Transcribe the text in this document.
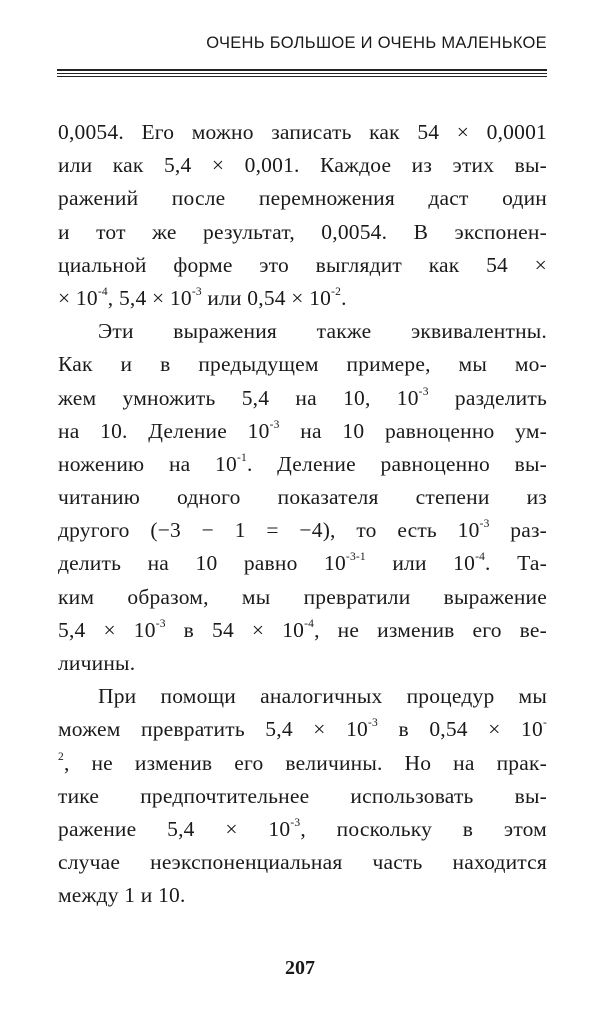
ОЧЕНЬ БОЛЬШОЕ И ОЧЕНЬ МАЛЕНЬКОЕ
0,0054. Его можно записать как 54 × 0,0001
или как 5,4 × 0,001. Каждое из этих вы-
ражений после перемножения даст один
и тот же результат, 0,0054. В экспонен-
циальной форме это выглядит как 54 ×
× $10^{-4}$, $5,4 \times 10^{-3}$ или $0,54 \times 10^{-2}$.
Эти выражения также эквивалентны.
Как и в предыдущем примере, мы мо-
жем умножить 5,4 на 10, $10^{-3}$ разделить
на 10. Деление $10^{-3}$ на 10 равноценно ум-
ножению на $10^{-1}$. Деление равноценно вы-
читанию одного показателя степени из
другого (−3 − 1 = −4), то есть $10^{-3}$ раз-
делить на 10 равно $10^{-3-1}$ или $10^{-4}$. Та-
ким образом, мы превратили выражение
$5,4 \times 10^{-3}$ в $54 \times 10^{-4}$, не изменив его ве-
личины.
При помощи аналогичных процедур мы
можем превратить $5,4 \times 10^{-3}$ в 0,54 × 10-
$^2$, не изменив его величины. Но на прак-
тике предпочтительнее использовать вы-
ражение $5,4 \times 10^{-3}$, поскольку в этом
случае неэкспоненциальная часть находится
между 1 и 10.
207
